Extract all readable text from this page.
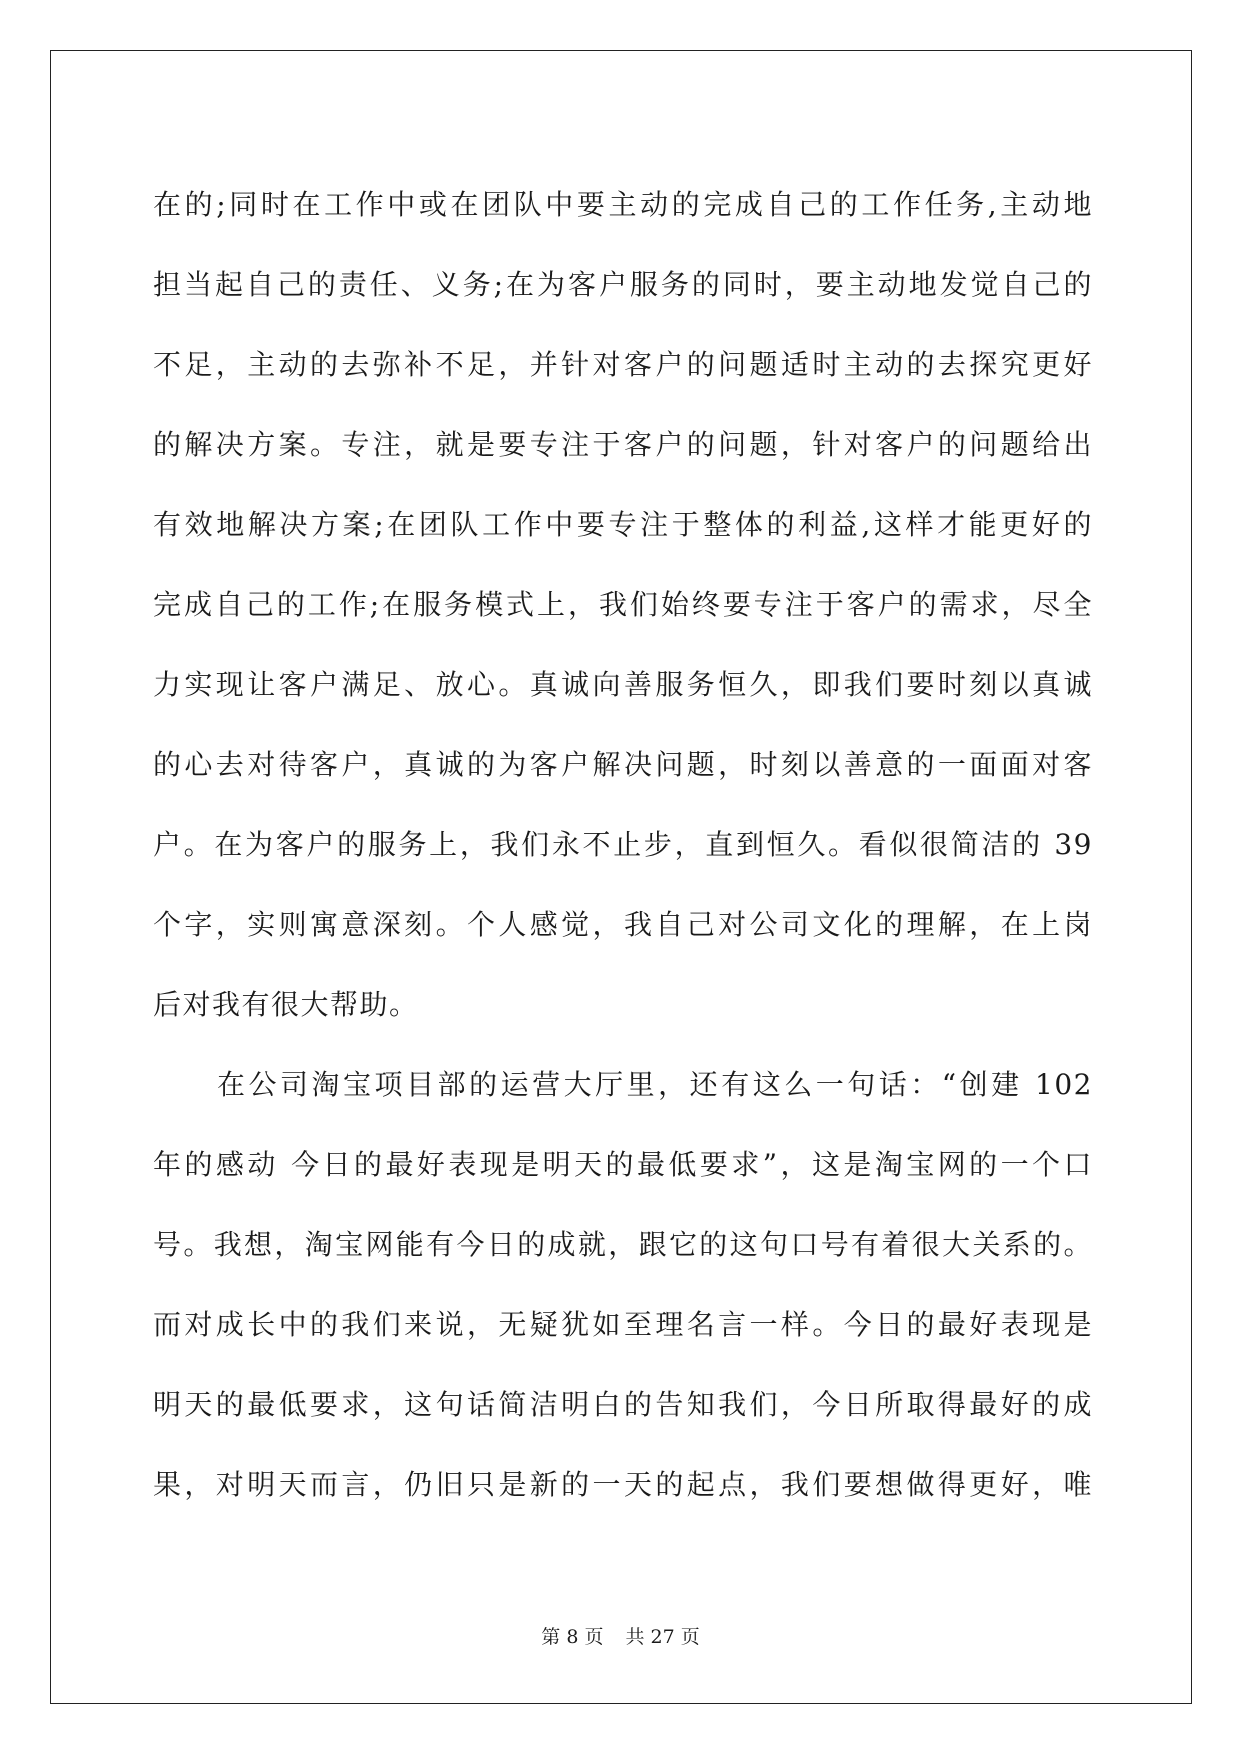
在的;同时在工作中或在团队中要主动的完成自己的工作任务,主动地
担当起自己的责任、义务;在为客户服务的同时，要主动地发觉自己的
不足，主动的去弥补不足，并针对客户的问题适时主动的去探究更好
的解决方案。专注，就是要专注于客户的问题，针对客户的问题给出
有效地解决方案;在团队工作中要专注于整体的利益,这样才能更好的
完成自己的工作;在服务模式上，我们始终要专注于客户的需求，尽全
力实现让客户满足、放心。真诚向善服务恒久，即我们要时刻以真诚
的心去对待客户，真诚的为客户解决问题，时刻以善意的一面面对客
户。在为客户的服务上，我们永不止步，直到恒久。看似很简洁的 39
个字，实则寓意深刻。个人感觉，我自己对公司文化的理解，在上岗
后对我有很大帮助。
在公司淘宝项目部的运营大厅里，还有这么一句话：“创建 102
年的感动 今日的最好表现是明天的最低要求”，这是淘宝网的一个口
号。我想，淘宝网能有今日的成就，跟它的这句口号有着很大关系的。
而对成长中的我们来说，无疑犹如至理名言一样。今日的最好表现是
明天的最低要求，这句话简洁明白的告知我们，今日所取得最好的成
果，对明天而言，仍旧只是新的一天的起点，我们要想做得更好，唯
第 8 页 共 27 页
